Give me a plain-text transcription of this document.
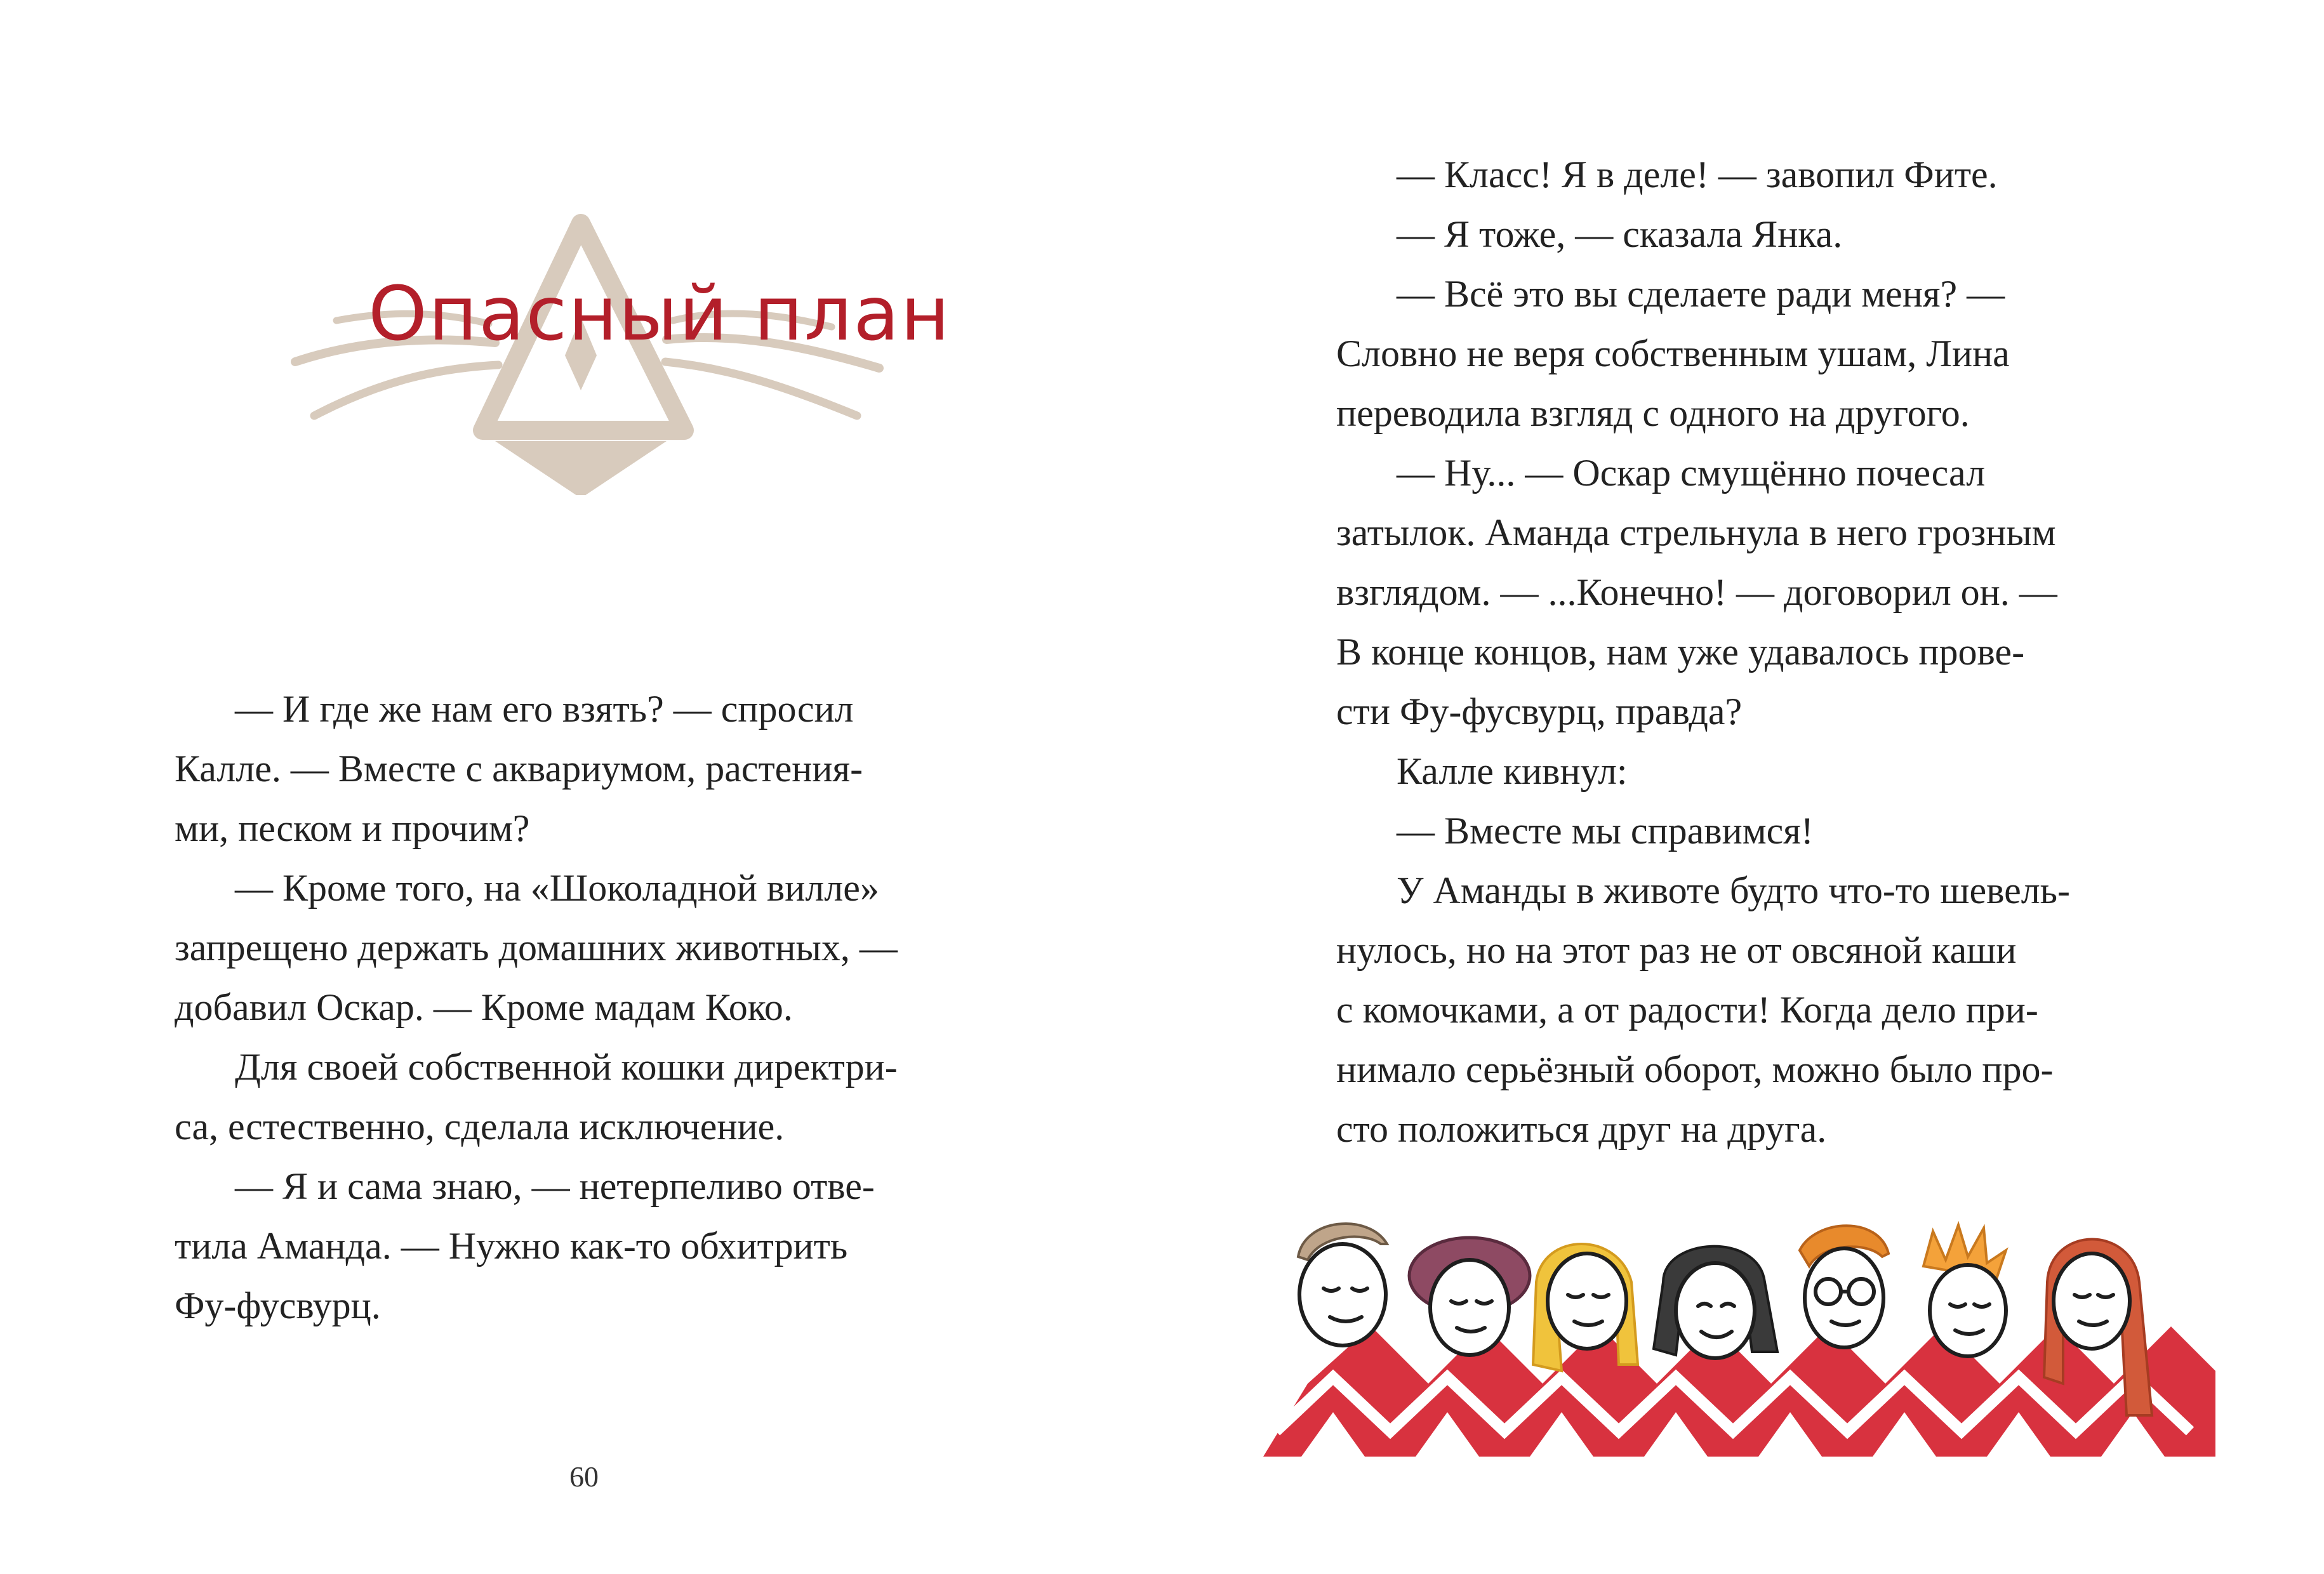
Опасный план

— И где же нам его взять? — спросил
Калле. — Вместе с аквариумом, растения-
ми, песком и прочим?

— Кроме того, на «Шоколадной вилле»
запрещено держать домашних животных, —
добавил Оскар. — Кроме мадам Коко.

Для своей собственной кошки директри-
са, естественно, сделала исключение.

— Я и сама знаю, — нетерпеливо отве-
тила Аманда. — Нужно как-то обхитрить
Фу-фусвурц.

60

— Класс! Я в деле! — завопил Фите.

— Я тоже, — сказала Янка.

— Всё это вы сделаете ради меня? —
Словно не веря собственным ушам, Лина
переводила взгляд с одного на другого.

— Ну... — Оскар смущённо почесал
затылок. Аманда стрельнула в него грозным
взглядом. — ...Конечно! — договорил он. —
В конце концов, нам уже удавалось прове-
сти Фу-фусвурц, правда?

Калле кивнул:

— Вместе мы справимся!

У Аманды в животе будто что-то шевель-
нулось, но на этот раз не от овсяной каши
с комочками, а от радости! Когда дело при-
нимало серьёзный оборот, можно было про-
сто положиться друг на друга.
